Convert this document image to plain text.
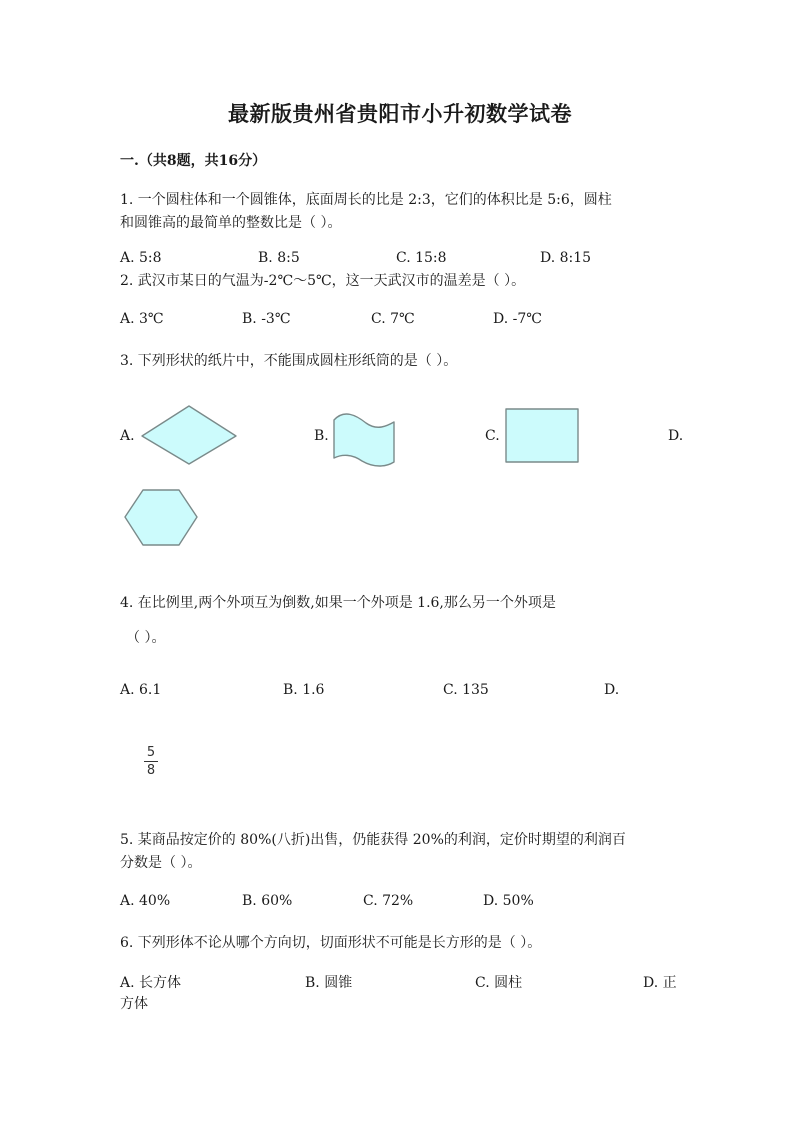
最新版贵州省贵阳市小升初数学试卷
一.（共8题，共16分）
1. 一个圆柱体和一个圆锥体，底面周长的比是 2:3，它们的体积比是 5:6，圆柱
和圆锥高的最简单的整数比是（ ）。
A. 5:8	B. 8:5	C. 15:8	D. 8:15
2. 武汉市某日的气温为-2℃～5℃，这一天武汉市的温差是（ ）。
A. 3℃	B. -3℃	C. 7℃	D. -7℃
3. 下列形状的纸片中，不能围成圆柱形纸筒的是（ ）。
A.	B.	C.	D.
4. 在比例里,两个外项互为倒数,如果一个外项是 1.6,那么另一个外项是
（ ）。
A. 6.1	B. 1.6	C. 135	D.
5
8
5. 某商品按定价的 80%(八折)出售，仍能获得 20%的利润，定价时期望的利润百
分数是（ ）。
A. 40%	B. 60%	C. 72%	D. 50%
6. 下列形体不论从哪个方向切，切面形状不可能是长方形的是（ ）。
A. 长方体	B. 圆锥	C. 圆柱	D. 正
方体
